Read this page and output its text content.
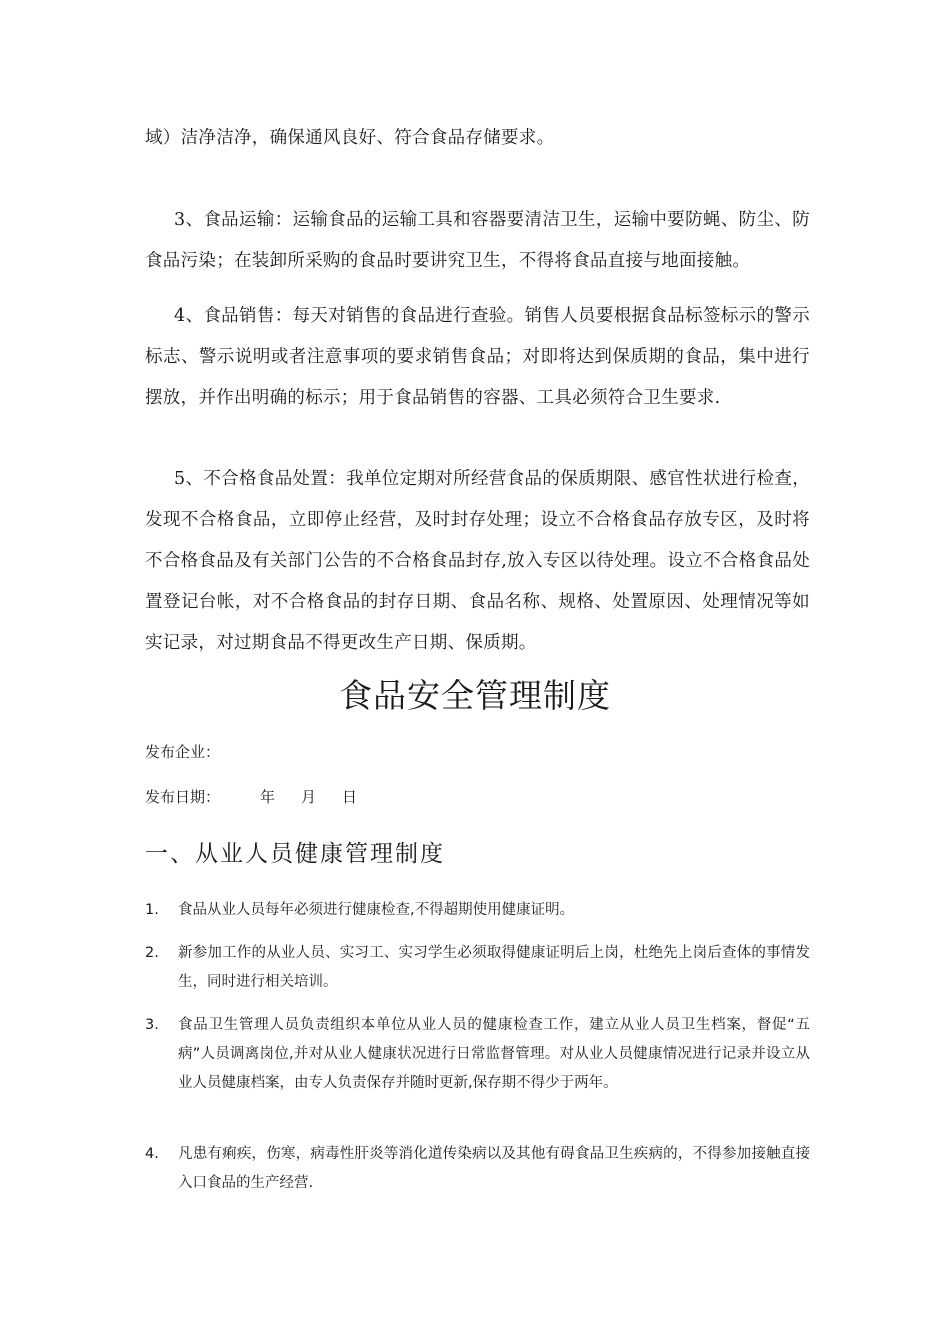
域）洁净洁净，确保通风良好、符合食品存储要求。

3、食品运输：运输食品的运输工具和容器要清洁卫生，运输中要防蝇、防尘、防食品污染；在装卸所采购的食品时要讲究卫生，不得将食品直接与地面接触。

4、食品销售：每天对销售的食品进行查验。销售人员要根据食品标签标示的警示标志、警示说明或者注意事项的要求销售食品；对即将达到保质期的食品，集中进行摆放，并作出明确的标示；用于食品销售的容器、工具必须符合卫生要求.

5、不合格食品处置：我单位定期对所经营食品的保质期限、感官性状进行检查，发现不合格食品，立即停止经营，及时封存处理；设立不合格食品存放专区，及时将不合格食品及有关部门公告的不合格食品封存,放入专区以待处理。设立不合格食品处置登记台帐，对不合格食品的封存日期、食品名称、规格、处置原因、处理情况等如实记录，对过期食品不得更改生产日期、保质期。

食品安全管理制度

发布企业：

发布日期：	年 月 日

一、从业人员健康管理制度
1.	食品从业人员每年必须进行健康检查,不得超期使用健康证明。
2.	新参加工作的从业人员、实习工、实习学生必须取得健康证明后上岗，杜绝先上岗后查体的事情发生，同时进行相关培训。
3.	食品卫生管理人员负责组织本单位从业人员的健康检查工作，建立从业人员卫生档案，督促“五病”人员调离岗位,并对从业人健康状况进行日常监督管理。对从业人员健康情况进行记录并设立从业人员健康档案，由专人负责保存并随时更新,保存期不得少于两年。
4.	凡患有痢疾，伤寒，病毒性肝炎等消化道传染病以及其他有碍食品卫生疾病的，不得参加接触直接入口食品的生产经营.
